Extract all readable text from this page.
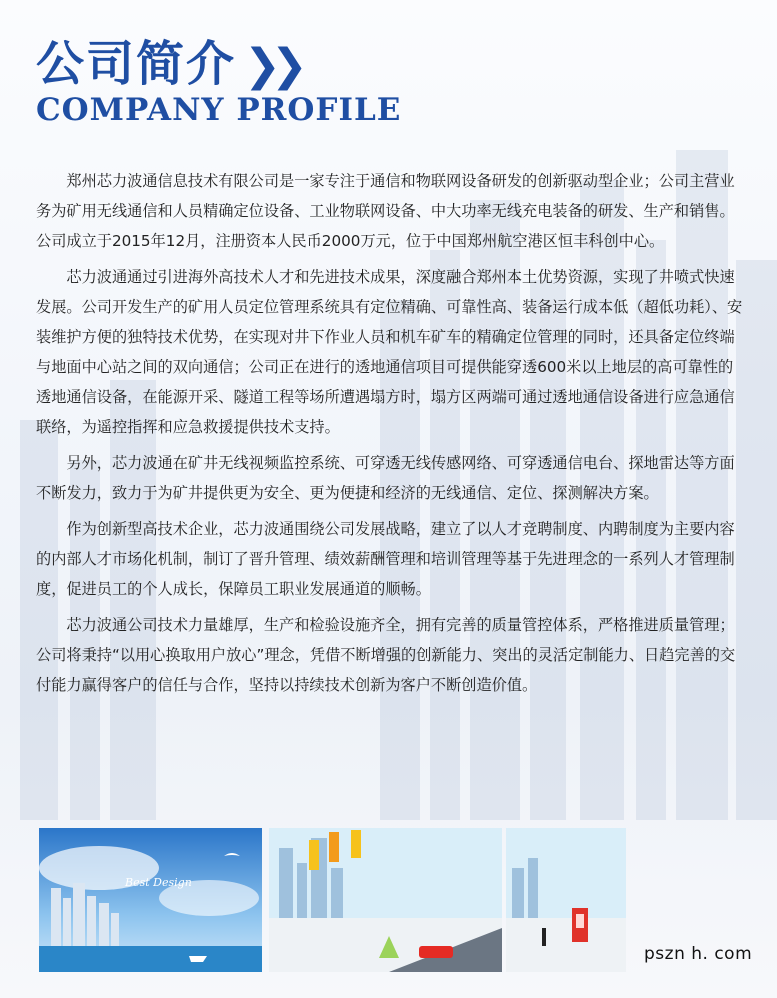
公司简介 ❯❯
COMPANY PROFILE

郑州芯力波通信息技术有限公司是一家专注于通信和物联网设备研发的创新驱动型企业；公司主营业务为矿用无线通信和人员精确定位设备、工业物联网设备、中大功率无线充电装备的研发、生产和销售。公司成立于2015年12月，注册资本人民币2000万元，位于中国郑州航空港区恒丰科创中心。

芯力波通通过引进海外高技术人才和先进技术成果，深度融合郑州本土优势资源，实现了井喷式快速发展。公司开发生产的矿用人员定位管理系统具有定位精确、可靠性高、装备运行成本低（超低功耗）、安装维护方便的独特技术优势，在实现对井下作业人员和机车矿车的精确定位管理的同时，还具备定位终端与地面中心站之间的双向通信；公司正在进行的透地通信项目可提供能穿透600米以上地层的高可靠性的透地通信设备，在能源开采、隧道工程等场所遭遇塌方时，塌方区两端可通过透地通信设备进行应急通信联络，为遥控指挥和应急救援提供技术支持。

另外，芯力波通在矿井无线视频监控系统、可穿透无线传感网络、可穿透通信电台、探地雷达等方面不断发力，致力于为矿井提供更为安全、更为便捷和经济的无线通信、定位、探测解决方案。

作为创新型高技术企业，芯力波通围绕公司发展战略，建立了以人才竞聘制度、内聘制度为主要内容的内部人才市场化机制，制订了晋升管理、绩效薪酬管理和培训管理等基于先进理念的一系列人才管理制度，促进员工的个人成长，保障员工职业发展通道的顺畅。

芯力波通公司技术力量雄厚，生产和检验设施齐全，拥有完善的质量管控体系，严格推进质量管理；公司将秉持“以用心换取用户放心”理念，凭借不断增强的创新能力、突出的灵活定制能力、日趋完善的交付能力赢得客户的信任与合作，坚持以持续技术创新为客户不断创造价值。

Best Design
pszn h. com
